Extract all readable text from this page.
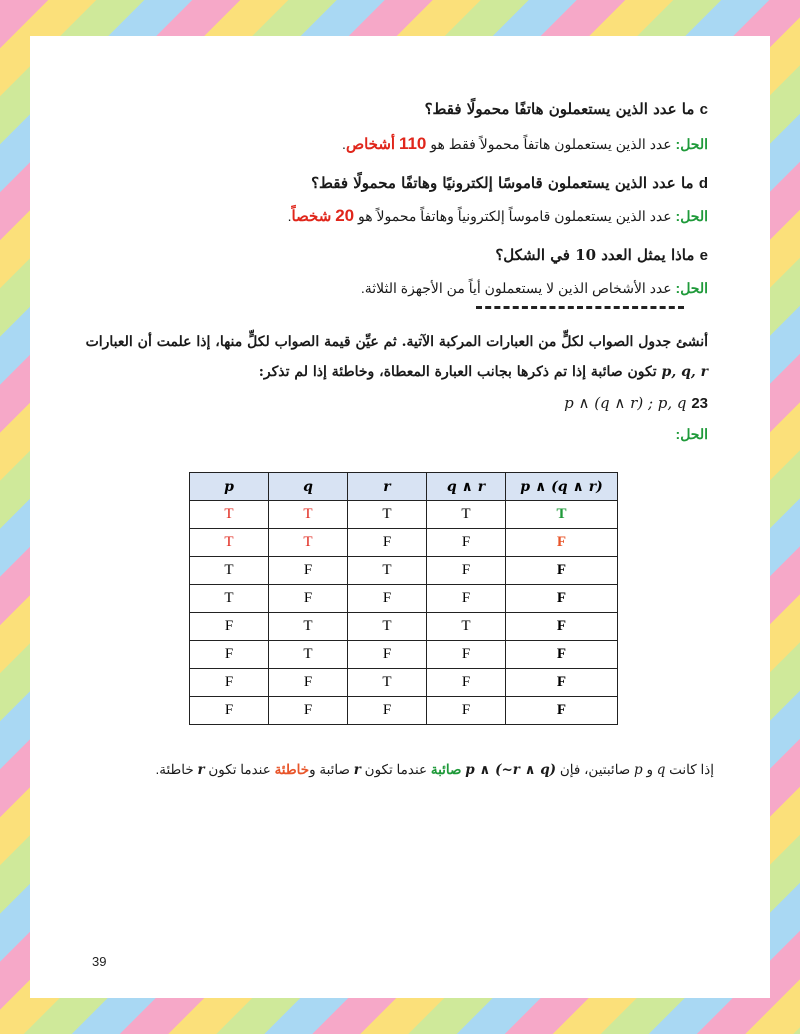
c ما عدد الذين يستعملون هاتفًا محمولًا فقط؟
الحل: عدد الذين يستعملون هاتفاً محمولاً فقط هو 110 أشخاص.
d ما عدد الذين يستعملون قاموسًا إلكترونيًا وهاتفًا محمولًا فقط؟
الحل: عدد الذين يستعملون قاموساً إلكترونياً وهاتفاً محمولاً هو 20 شخصاً.
e ماذا يمثل العدد 10 في الشكل؟
الحل: عدد الأشخاص الذين لا يستعملون أياً من الأجهزة الثلاثة.
أنشئ جدول الصواب لكلٍّ من العبارات المركبة الآتية. ثم عيِّن قيمة الصواب لكلٍّ منها، إذا علمت أن العبارات
p, q, r تكون صائبة إذا تم ذكرها بجانب العبارة المعطاة، وخاطئة إذا لم تذكر:
23 p ∧ (q ∧ r) ; p, q
الحل:
p	q	r	q ∧ r	p ∧ (q ∧ r)
T	T	T	T	T
T	T	F	F	F
T	F	T	F	F
T	F	F	F	F
F	T	T	T	F
F	T	F	F	F
F	F	T	F	F
F	F	F	F	F
إذا كانت q و p صائبتين، فإن p ∧ (~r ∧ q) صائبة عندما تكون r صائبة وخاطئة عندما تكون r خاطئة.
39
